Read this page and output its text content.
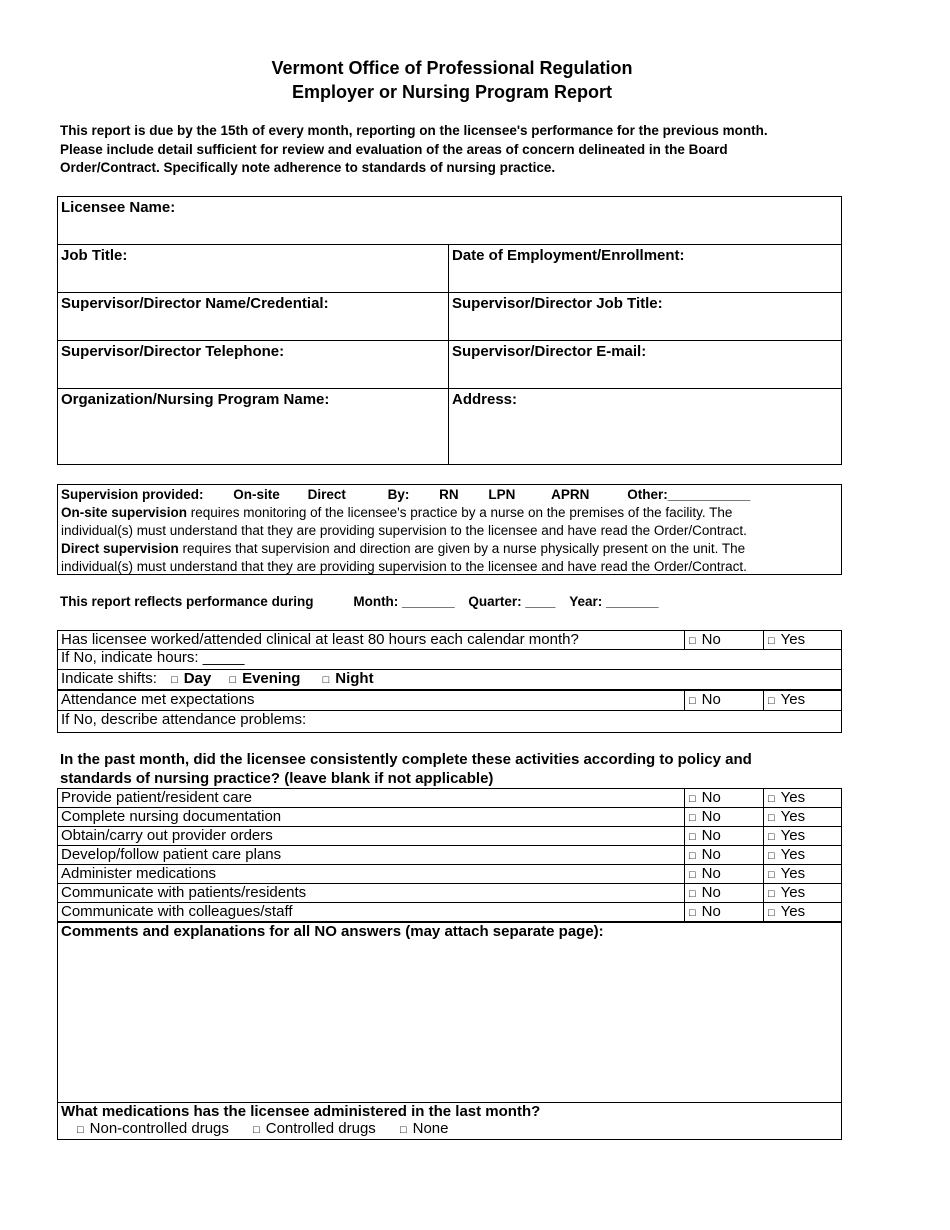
Vermont Office of Professional Regulation
Employer or Nursing Program Report
This report is due by the 15th of every month, reporting on the licensee's performance for the previous month.
Please include detail sufficient for review and evaluation of the areas of concern delineated in the Board
Order/Contract. Specifically note adherence to standards of nursing practice.
Licensee Name:
Job Title:	Date of Employment/Enrollment:
Supervisor/Director Name/Credential:	Supervisor/Director Job Title:
Supervisor/Director Telephone:	Supervisor/Director E-mail:
Organization/Nursing Program Name:	Address:
Supervision provided: On-site Direct	By: RN LPN	APRN	Other:___________
On-site supervision requires monitoring of the licensee's practice by a nurse on the premises of the facility. The
individual(s) must understand that they are providing supervision to the licensee and have read the Order/Contract.
Direct supervision requires that supervision and direction are given by a nurse physically present on the unit. The
individual(s) must understand that they are providing supervision to the licensee and have read the Order/Contract.
This report reflects performance during	Month: _______ Quarter: ____ Year: _______
Has licensee worked/attended clinical at least 80 hours each calendar month?	□ No	□ Yes
If No, indicate hours: _____
Indicate shifts: □ Day □ Evening □ Night
Attendance met expectations	□ No	□ Yes
If No, describe attendance problems:
In the past month, did the licensee consistently complete these activities according to policy and
standards of nursing practice? (leave blank if not applicable)
Provide patient/resident care	□ No	□ Yes
Complete nursing documentation	□ No	□ Yes
Obtain/carry out provider orders	□ No	□ Yes
Develop/follow patient care plans	□ No	□ Yes
Administer medications	□ No	□ Yes
Communicate with patients/residents	□ No	□ Yes
Communicate with colleagues/staff	□ No	□ Yes
Comments and explanations for all NO answers (may attach separate page):
What medications has the licensee administered in the last month?
□ Non-controlled drugs □ Controlled drugs □ None
